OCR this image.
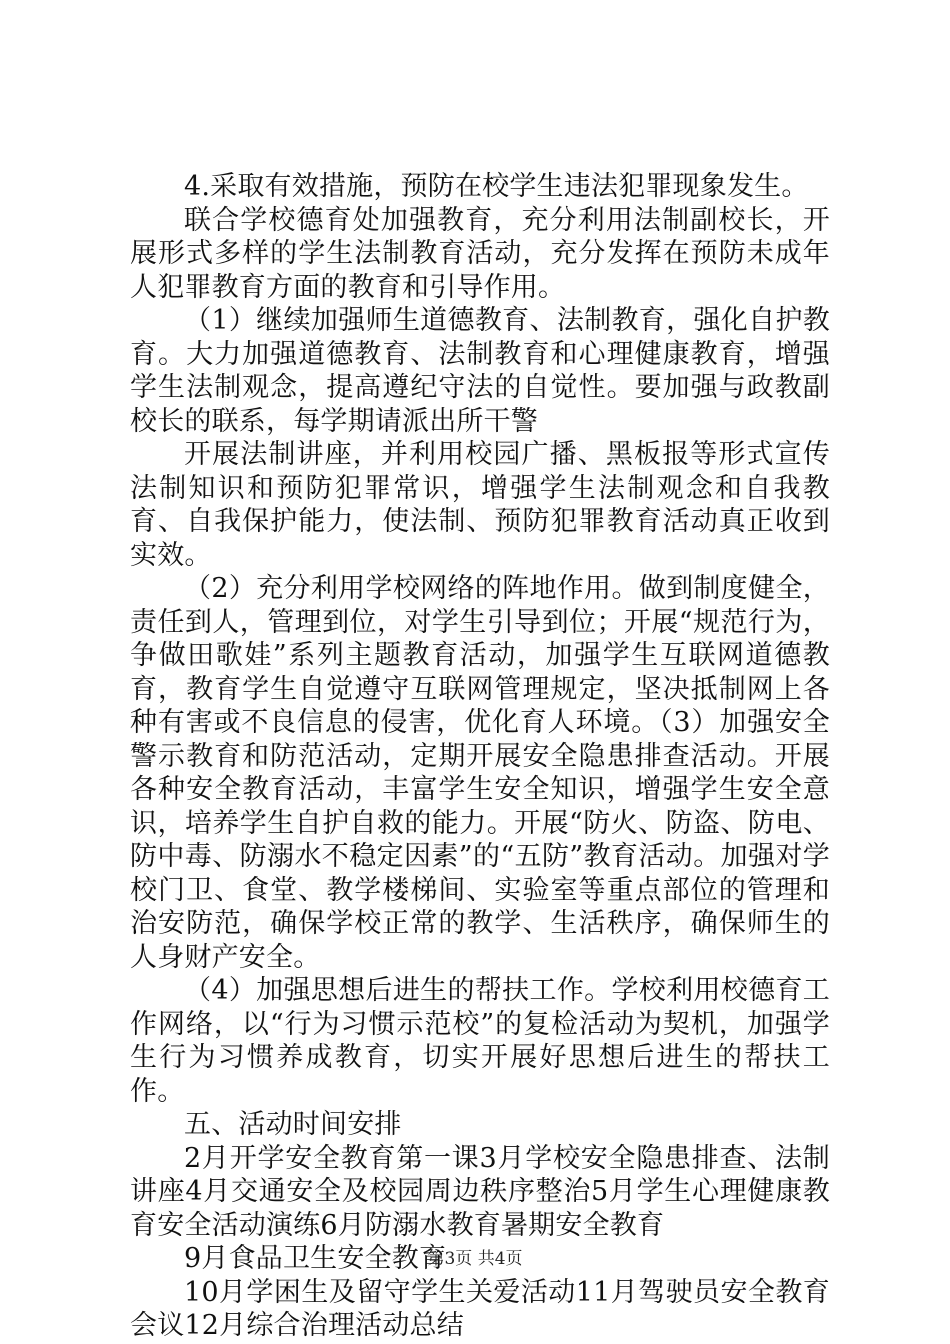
4.采取有效措施，预防在校学生违法犯罪现象发生。

联合学校德育处加强教育，充分利用法制副校长，开展形式多样的学生法制教育活动，充分发挥在预防未成年人犯罪教育方面的教育和引导作用。

（1）继续加强师生道德教育、法制教育，强化自护教育。大力加强道德教育、法制教育和心理健康教育，增强学生法制观念，提高遵纪守法的自觉性。要加强与政教副校长的联系，每学期请派出所干警

开展法制讲座，并利用校园广播、黑板报等形式宣传法制知识和预防犯罪常识，增强学生法制观念和自我教育、自我保护能力，使法制、预防犯罪教育活动真正收到实效。

（2）充分利用学校网络的阵地作用。做到制度健全，责任到人，管理到位，对学生引导到位；开展“规范行为，争做田歌娃”系列主题教育活动，加强学生互联网道德教育，教育学生自觉遵守互联网管理规定，坚决抵制网上各种有害或不良信息的侵害，优化育人环境。（3）加强安全警示教育和防范活动，定期开展安全隐患排查活动。开展各种安全教育活动，丰富学生安全知识，增强学生安全意识，培养学生自护自救的能力。开展“防火、防盗、防电、防中毒、防溺水不稳定因素”的“五防”教育活动。加强对学校门卫、食堂、教学楼梯间、实验室等重点部位的管理和治安防范，确保学校正常的教学、生活秩序，确保师生的人身财产安全。

（4）加强思想后进生的帮扶工作。学校利用校德育工作网络，以“行为习惯示范校”的复检活动为契机，加强学生行为习惯养成教育，切实开展好思想后进生的帮扶工作。

五、活动时间安排

2月开学安全教育第一课3月学校安全隐患排查、法制讲座4月交通安全及校园周边秩序整治5月学生心理健康教育安全活动演练6月防溺水教育暑期安全教育

9月食品卫生安全教育

10月学困生及留守学生关爱活动11月驾驶员安全教育会议12月综合治理活动总结

第3页 共4页
